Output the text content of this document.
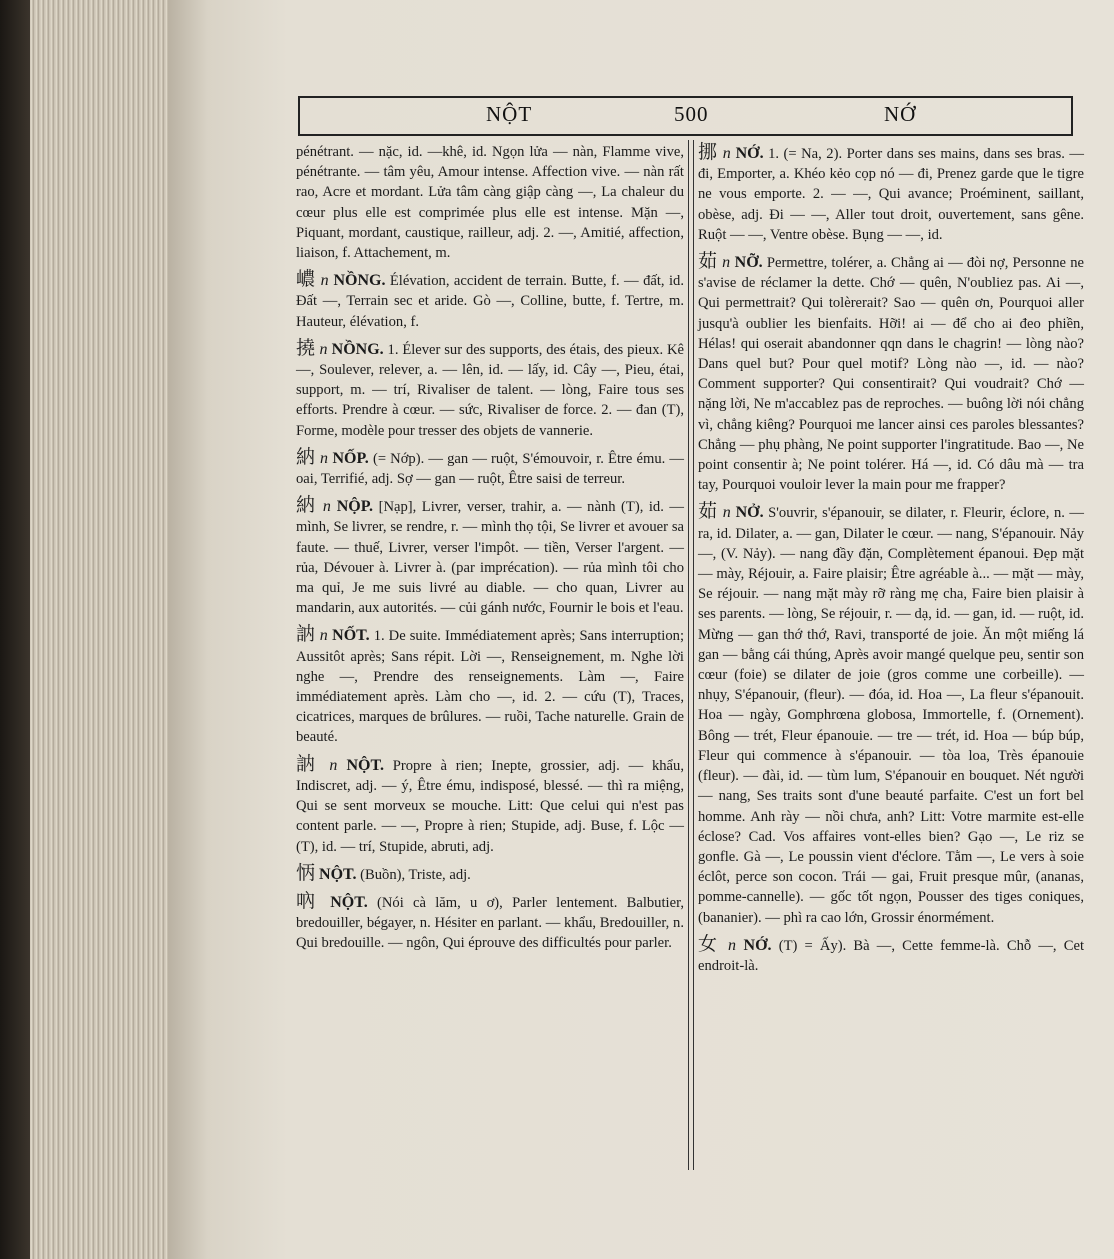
NỘT	500	NỚ
pénétrant. — nặc, id. —khê, id. Ngọn lửa — nàn, Flamme vive, pénétrante. — tâm yêu, Amour intense. Affection vive. — nàn rất rao, Acre et mordant. Lửa tâm càng giập càng —, La chaleur du cœur plus elle est comprimée plus elle est intense. Mặn —, Piquant, mordant, caustique, railleur, adj. 2. —, Amitié, affection, liaison, f. Attachement, m.
嶩 n NỒNG. Élévation, accident de terrain. Butte, f. — đất, id. Đất —, Terrain sec et aride. Gò —, Colline, butte, f. Tertre, m. Hauteur, élévation, f.
撓 n NỒNG. 1. Élever sur des supports, des étais, des pieux. Kê —, Soulever, relever, a. — lên, id. — lấy, id. Cây —, Pieu, étai, support, m. — trí, Rivaliser de talent. — lòng, Faire tous ses efforts. Prendre à cœur. — sức, Rivaliser de force. 2. — đan (T), Forme, modèle pour tresser des objets de vannerie.
納 n NỐP. (= Nớp). — gan — ruột, S'émouvoir, r. Être ému. — oai, Terrifié, adj. Sợ — gan — ruột, Être saisi de terreur.
納 n NỘP. [Nạp], Livrer, verser, trahir, a. — nành (T), id. — mình, Se livrer, se rendre, r. — mình thọ tội, Se livrer et avouer sa faute. — thuế, Livrer, verser l'impôt. — tiền, Verser l'argent. — rủa, Dévouer à. Livrer à. (par imprécation). — rủa mình tôi cho ma quỉ, Je me suis livré au diable. — cho quan, Livrer au mandarin, aux autorités. — củi gánh nước, Fournir le bois et l'eau.
訥 n NỐT. 1. De suite. Immédiatement après; Sans interruption; Aussitôt après; Sans répit. Lời —, Renseignement, m. Nghe lời nghe —, Prendre des renseignements. Làm —, Faire immédiatement après. Làm cho —, id. 2. — cứu (T), Traces, cicatrices, marques de brûlures. — ruồi, Tache naturelle. Grain de beauté.
訥 n NỘT. Propre à rien; Inepte, grossier, adj. — khẩu, Indiscret, adj. — ý, Être ému, indisposé, blessé. — thì ra miệng, Qui se sent morveux se mouche. Litt: Que celui qui n'est pas content parle. — —, Propre à rien; Stupide, adj. Buse, f. Lộc — (T), id. — trí, Stupide, abruti, adj.
怲 NỘT. (Buồn), Triste, adj.
吶 NỘT. (Nói cà lăm, u ơ), Parler lentement. Balbutier, bredouiller, bégayer, n. Hésiter en parlant. — khẩu, Bredouiller, n. Qui bredouille. — ngôn, Qui éprouve des difficultés pour parler.
挪 n NỚ. 1. (= Na, 2). Porter dans ses mains, dans ses bras. — đi, Emporter, a. Khéo kẻo cọp nó — đi, Prenez garde que le tigre ne vous emporte. 2. — —, Qui avance; Proéminent, saillant, obèse, adj. Đi — —, Aller tout droit, ouvertement, sans gêne. Ruột — —, Ventre obèse. Bụng — —, id.
茹 n NỠ. Permettre, tolérer, a. Chẳng ai — đòi nợ, Personne ne s'avise de réclamer la dette. Chớ — quên, N'oubliez pas. Ai —, Qui permettrait? Qui tolèrerait? Sao — quên ơn, Pourquoi aller jusqu'à oublier les bienfaits. Hỡi! ai — để cho ai đeo phiền, Hélas! qui oserait abandonner qqn dans le chagrin! — lòng nào? Dans quel but? Pour quel motif? Lòng nào —, id. — nào? Comment supporter? Qui consentirait? Qui voudrait? Chớ — nặng lời, Ne m'accablez pas de reproches. — buông lời nói chẳng vì, chẳng kiêng? Pourquoi me lancer ainsi ces paroles blessantes? Chẳng — phụ phàng, Ne point supporter l'ingratitude. Bao —, Ne point consentir à; Ne point tolérer. Há —, id. Có dâu mà — tra tay, Pourquoi vouloir lever la main pour me frapper?
茹 n NỞ. S'ouvrir, s'épanouir, se dilater, r. Fleurir, éclore, n. — ra, id. Dilater, a. — gan, Dilater le cœur. — nang, S'épanouir. Nảy —, (V. Nảy). — nang đầy đặn, Complètement épanoui. Đẹp mặt — mày, Réjouir, a. Faire plaisir; Être agréable à... — mặt — mày, Se réjouir. — nang mặt mày rỡ ràng mẹ cha, Faire bien plaisir à ses parents. — lòng, Se réjouir, r. — dạ, id. — gan, id. — ruột, id. Mừng — gan thớ thớ, Ravi, transporté de joie. Ăn một miếng lá gan — bằng cái thúng, Après avoir mangé quelque peu, sentir son cœur (foie) se dilater de joie (gros comme une corbeille). — nhụy, S'épanouir, (fleur). — đóa, id. Hoa —, La fleur s'épanouit. Hoa — ngày, Gomphrœna globosa, Immortelle, f. (Ornement). Bông — trét, Fleur épanouie. — tre — trét, id. Hoa — búp búp, Fleur qui commence à s'épanouir. — tòa loa, Très épanouie (fleur). — đài, id. — tùm lum, S'épanouir en bouquet. Nét người — nang, Ses traits sont d'une beauté parfaite. C'est un fort bel homme. Anh rày — nồi chưa, anh? Litt: Votre marmite est-elle éclose? Cad. Vos affaires vont-elles bien? Gạo —, Le riz se gonfle. Gà —, Le poussin vient d'éclore. Tằm —, Le vers à soie éclôt, perce son cocon. Trái — gai, Fruit presque mûr, (ananas, pomme-cannelle). — gốc tốt ngọn, Pousser des tiges coniques, (bananier). — phì ra cao lớn, Grossir énormément.
女 n NỚ. (T) = Ấy). Bà —, Cette femme-là. Chỗ —, Cet endroit-là.
